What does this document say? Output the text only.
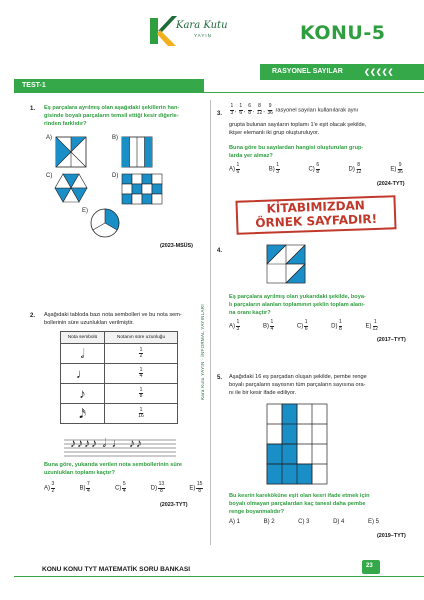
Kara Kutu
YAYIN	KONU-5
RASYONEL SAYILAR	❮❮❮❮❮
TEST-1
Kara Kutu YAYIN · İNFORMAL YAYINLARI
1. Eş parçalara ayrılmış olan aşağıdaki şekillerin han-
gisinde boyalı parçaların temsil ettiği kesir diğerle-
rinden farklıdır?
A)	B)
C)	D)
E)
(2023-MSÜS)
2. Aşağıdaki tabloda bazı nota sembolleri ve bu nota sem-
bollerinin süre uzunlukları verilmiştir.
Nota sembolü	Notanın süre uzunluğu
𝅗𝅥	$\frac{1}{2}$

♩	$\frac{1}{4}$

♪	$\frac{1}{8}$

𝅘𝅥𝅯	$\frac{1}{16}$
♪♪♪♪ 𝅗𝅥 ♩ ♪♪
Buna göre, yukarıda verilen nota sembollerinin süre
uzunlukları toplamı kaçtır?
$A) \frac{3}{2}$	$B) \frac{7}{4}$	$C) \frac{5}{4}$	$D) \frac{13}{8}$	$E) \frac{15}{8}$
(2023-TYT)
3. $\frac{1}{3}$ , $\frac{1}{6}$ , $\frac{6}{8}$ , $\frac{8}{12}$ , $\frac{9}{36}$ rasyonel sayıları kullanılarak aynı
grupta bulunan sayıların toplamı 1'e eşit olacak şekilde,
ikişer elemanlı iki grup oluşturuluyor.
Buna göre bu sayılardan hangisi oluşturulan grup-
larda yer almaz?
$A) \frac{1}{6}$	$B) \frac{1}{3}$	$C) \frac{6}{8}$	$D) \frac{8}{12}$	$E) \frac{9}{36}$
(2024-TYT)
KİTABIMIZDAN
ÖRNEK SAYFADIR!
4.
Eş parçalara ayrılmış olan yukarıdaki şekilde, boya-
lı parçaların alanları toplamının şeklin toplam alanı-
na oranı kaçtır?
$A) \frac{1}{3}$	$B) \frac{1}{4}$	$C) \frac{1}{6}$	$D) \frac{1}{8}$	$E) \frac{1}{12}$
(2017–TYT)
5. Aşağıdaki 16 eş parçadan oluşan şekilde, pembe renge
boyalı parçaların sayısının tüm parçaların sayısına ora-
nı ile bir kesir ifade ediliyor.
Bu kesrin kareköküne eşit olan kesri ifade etmek için
boyalı olmayan parçalardan kaç tanesi daha pembe
renge boyanmalıdır?
A) 1	B) 2	C) 3	D) 4	E) 5
(2019–TYT)
KONU KONU TYT MATEMATİK SORU BANKASI	23
